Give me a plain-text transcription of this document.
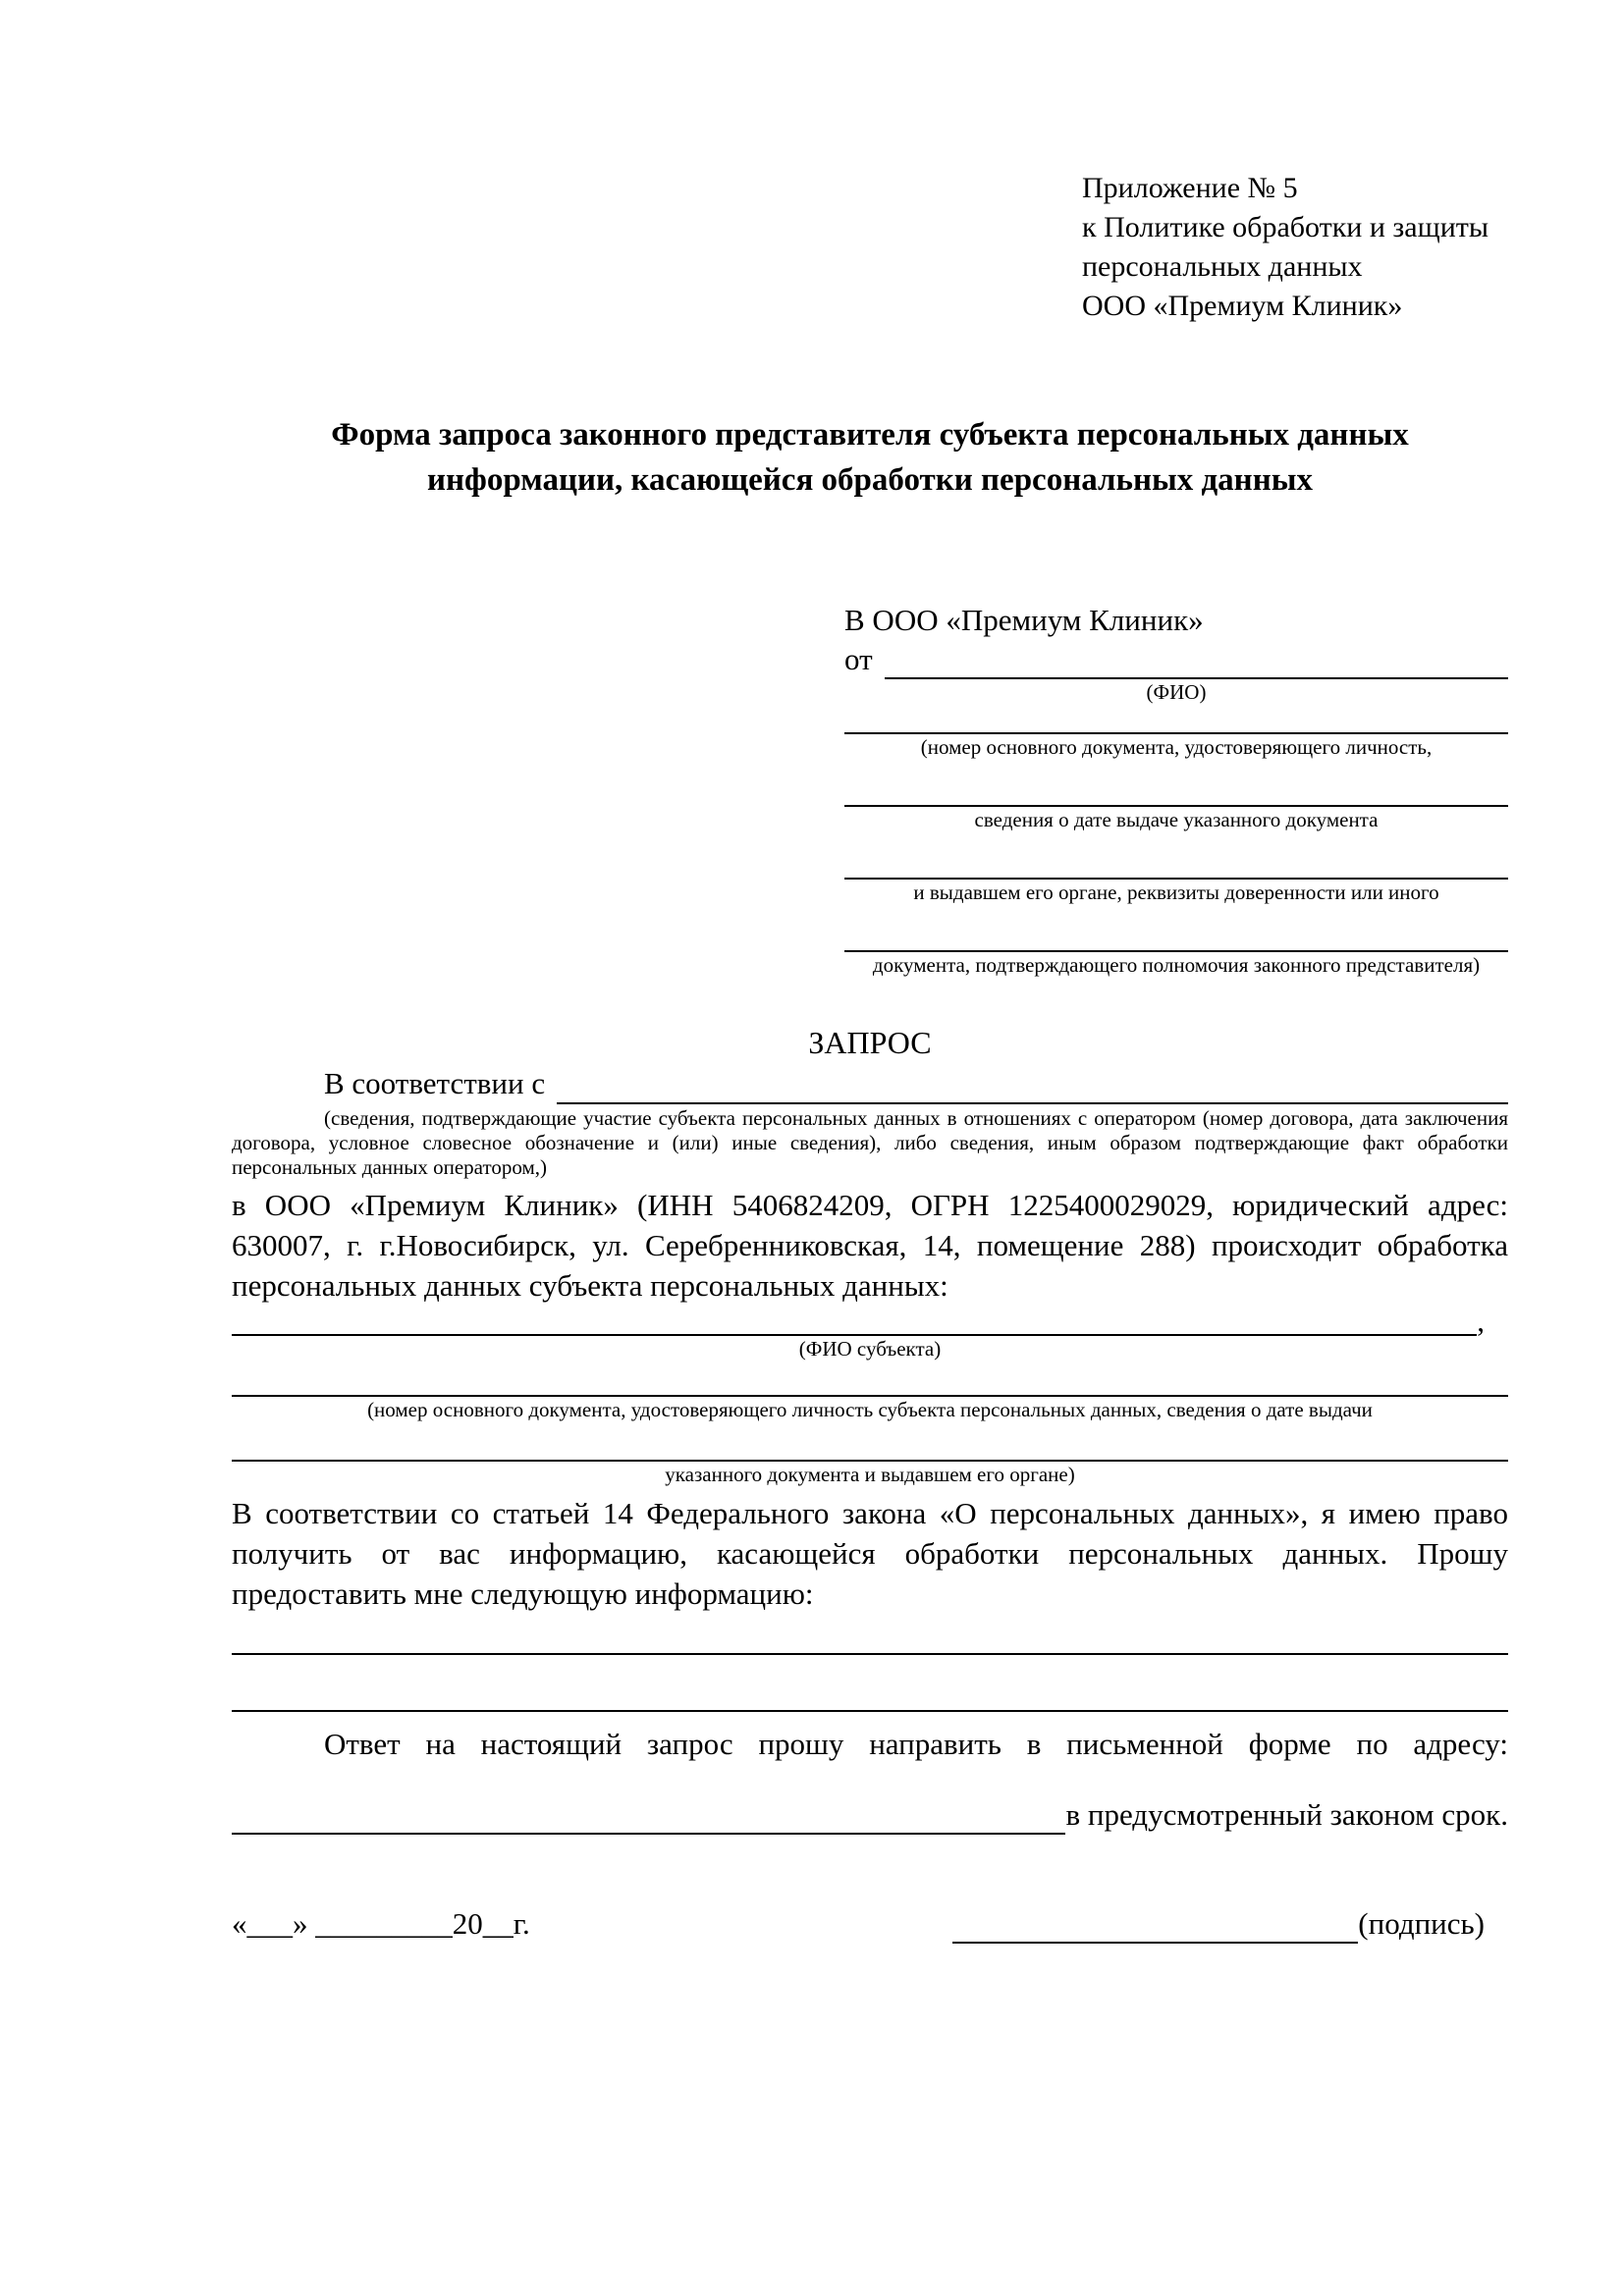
Приложение № 5
к Политике обработки и защиты
персональных данных
ООО «Премиум Клиник»
Форма запроса законного представителя субъекта персональных данных
информации, касающейся обработки персональных данных
В ООО «Премиум Клиник»
от
(ФИО)
(номер основного документа, удостоверяющего личность,
сведения о дате выдаче указанного документа
и выдавшем его органе, реквизиты доверенности или иного
документа, подтверждающего полномочия законного представителя)
ЗАПРОС
В соответствии с

(сведения, подтверждающие участие субъекта персональных данных в отношениях с оператором (номер договора, дата заключения договора, условное словесное обозначение и (или) иные сведения), либо сведения, иным образом подтверждающие факт обработки персональных данных оператором,)

в ООО «Премиум Клиник» (ИНН 5406824209, ОГРН 1225400029029, юридический адрес: 630007, г. г.Новосибирск, ул. Серебренниковская, 14, помещение 288) происходит обработка персональных данных субъекта персональных данных:

,
(ФИО субъекта)
(номер основного документа, удостоверяющего личность субъекта персональных данных, сведения о дате выдачи
указанного документа и выдавшем его органе)

В соответствии со статьей 14 Федерального закона «О персональных данных», я имею право получить от вас информацию, касающейся обработки персональных данных. Прошу предоставить мне следующую информацию:

Ответ на настоящий запрос прошу направить в письменной форме по адресу:

в предусмотренный законом срок.
«___» _________20__г.	(подпись)
